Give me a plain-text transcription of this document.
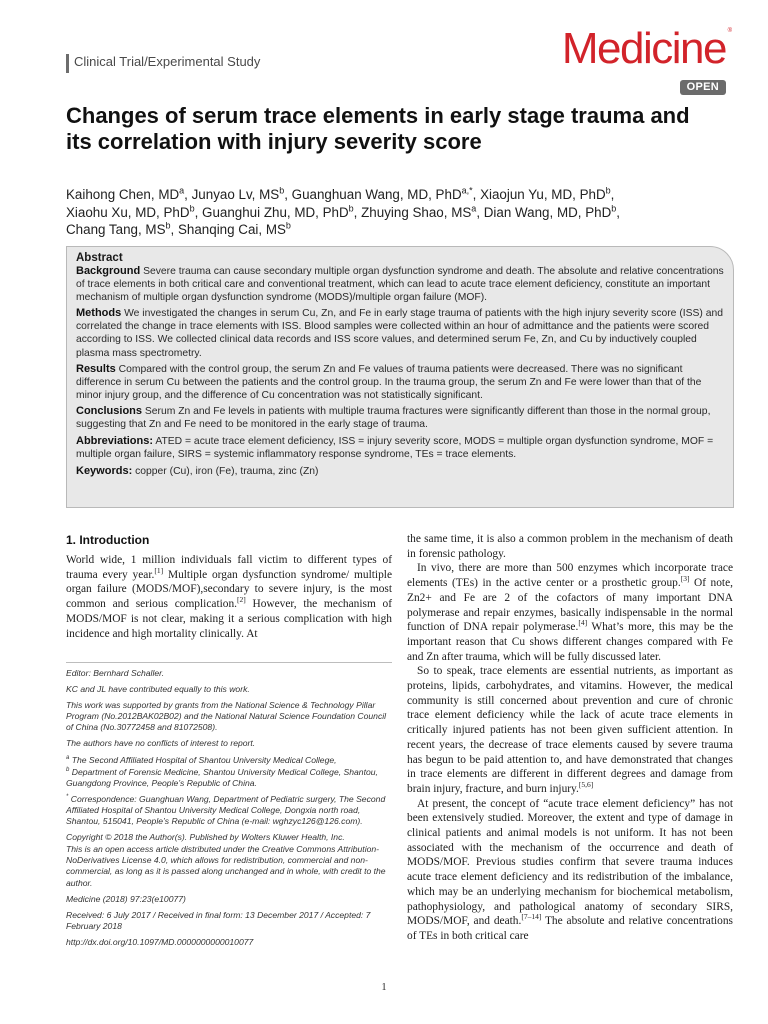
Clinical Trial/Experimental Study	Medicine ®
OPEN
Changes of serum trace elements in early stage trauma and its correlation with injury severity score
Kaihong Chen, MD$^a$, Junyao Lv, MS$^b$, Guanghuan Wang, MD, PhD$^{a,*}$, Xiaojun Yu, MD, PhD$^b$,
Xiaohu Xu, MD, PhD$^b$, Guanghui Zhu, MD, PhD$^b$, Zhuying Shao, MS$^a$, Dian Wang, MD, PhD$^b$,
Chang Tang, MS$^b$, Shanqing Cai, MS$^b$
Abstract

Background Severe trauma can cause secondary multiple organ dysfunction syndrome and death. The absolute and relative concentrations of trace elements in both critical care and conventional treatment, which can lead to acute trace element deficiency, constitute an important mechanism of multiple organ dysfunction syndrome (MODS)/multiple organ failure (MOF).

Methods We investigated the changes in serum Cu, Zn, and Fe in early stage trauma of patients with the high injury severity score (ISS) and correlated the change in trace elements with ISS. Blood samples were collected within an hour of admittance and the patients were scored according to ISS. We collected clinical data records and ISS score values, and determined serum Fe, Zn, and Cu by inductively coupled plasma mass spectrometry.

Results Compared with the control group, the serum Zn and Fe values of trauma patients were decreased. There was no significant difference in serum Cu between the patients and the control group. In the trauma group, the serum Zn and Fe were lower than that of the minor injury group, and the difference of Cu concentration was not statistically significant.

Conclusions Serum Zn and Fe levels in patients with multiple trauma fractures were significantly different than those in the normal group, suggesting that Zn and Fe need to be monitored in the early stage of trauma.

Abbreviations: ATED = acute trace element deficiency, ISS = injury severity score, MODS = multiple organ dysfunction syndrome, MOF = multiple organ failure, SIRS = systemic inflammatory response syndrome, TEs = trace elements.

Keywords: copper (Cu), iron (Fe), trauma, zinc (Zn)

1. Introduction

World wide, 1 million individuals fall victim to different types of trauma every year.[1] Multiple organ dysfunction syndrome/ multiple organ failure (MODS/MOF),secondary to severe injury, is the most common and serious complication.[2] However, the mechanism of MODS/MOF is not clear, making it a serious complication with high incidence and high mortality clinically. At

Editor: Bernhard Schaller.
KC and JL have contributed equally to this work.
This work was supported by grants from the National Science & Technology Pillar Program (No.2012BAK02B02) and the National Natural Science Foundation Council of China (No.30772458 and 81072508).
The authors have no conflicts of interest to report.
$^a$ The Second Affiliated Hospital of Shantou University Medical College,
$^b$ Department of Forensic Medicine, Shantou University Medical College, Shantou, Guangdong Province, People’s Republic of China.
* Correspondence: Guanghuan Wang, Department of Pediatric surgery, The Second Affiliated Hospital of Shantou University Medical College, Dongxia north road, Shantou, 515041, People’s Republic of China (e-mail: wghzyc126@126.com).
Copyright © 2018 the Author(s). Published by Wolters Kluwer Health, Inc.
This is an open access article distributed under the Creative Commons Attribution-NoDerivatives License 4.0, which allows for redistribution, commercial and non-commercial, as long as it is passed along unchanged and in whole, with credit to the author.
Medicine (2018) 97:23(e10077)
Received: 6 July 2017 / Received in final form: 13 December 2017 / Accepted: 7 February 2018
http://dx.doi.org/10.1097/MD.0000000000010077

the same time, it is also a common problem in the mechanism of death in forensic pathology.

In vivo, there are more than 500 enzymes which incorporate trace elements (TEs) in the active center or a prosthetic group.[3] Of note, Zn2+ and Fe are 2 of the cofactors of many important DNA polymerase and repair enzymes, basically indispensable in the normal function of DNA repair polymerase.[4] What’s more, this may be the important reason that Cu shows different changes compared with Fe and Zn after trauma, which will be fully discussed later.

So to speak, trace elements are essential nutrients, as important as proteins, lipids, carbohydrates, and vitamins. However, the medical community is still concerned about prevention and cure of chronic trace element deficiency while the lack of acute trace elements in critically injured patients has not been given sufficient attention. In recent years, the decrease of trace elements caused by severe trauma has begun to be paid attention to, and have demonstrated that changes in trace elements are different in different degrees and damage from brain injury, fracture, and burn injury.[5,6]

At present, the concept of “acute trace element deficiency” has not been extensively studied. Moreover, the extent and type of damage in clinical patients and animal models is not uniform. It has not been associated with the mechanism of the occurrence and death of MODS/MOF. Previous studies confirm that severe trauma induces acute trace element deficiency and its redistribution of the imbalance, which may be an underlying mechanism for biochemical metabolism, pathophysiology, and pathological anatomy of secondary SIRS, MODS/MOF, and death.[7–14] The absolute and relative concentrations of TEs in both critical care

1
